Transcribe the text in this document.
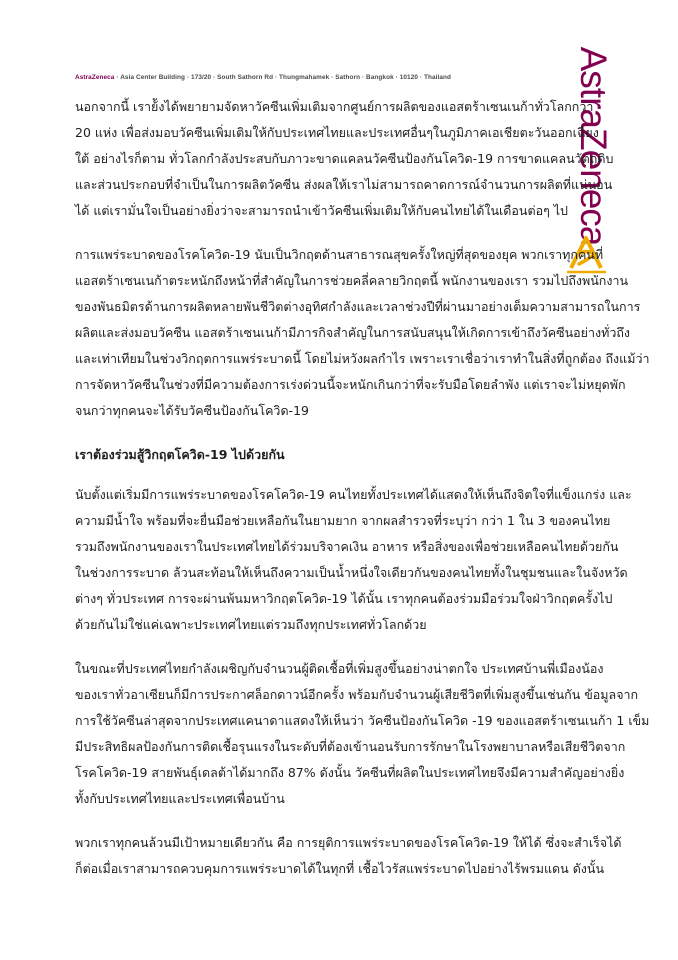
AstraZeneca · Asia Center Building · 173/20 · South Sathorn Rd · Thungmahamek · Sathorn · Bangkok · 10120 · Thailand	AstraZeneca
นอกจากนี้ เราย้ังได้พยายามจัดหาวัคซีนเพิ่มเติมจากศูนย์การผลิตของแอสตร้าเซนเนก้าทั่วโลกกว่า
20 แห่ง เพื่อส่งมอบวัคซีนเพิ่มเติมให้กับประเทศไทยและประเทศอื่นๆในภูมิภาคเอเชียตะวันออกเฉียง
ใต้ อย่างไรก็ตาม ทั่วโลกกำลังประสบกับภาวะขาดแคลนวัคซีนป้องกันโควิด-19 การขาดแคลนวัตถุดิบ
และส่วนประกอบที่จำเป็นในการผลิตวัคซีน ส่งผลให้เราไม่สามารถคาดการณ์จำนวนการผลิตที่แน่นอน
ได้ แต่เรามั่นใจเป็นอย่างยิ่งว่าจะสามารถนำเข้าวัคซีนเพิ่มเติมให้กับคนไทยได้ในเดือนต่อๆ ไป
การแพร่ระบาดของโรคโควิด-19 นับเป็นวิกฤตด้านสาธารณสุขครั้งใหญ่ที่สุดของยุค พวกเราทุกคนที่
แอสตร้าเซนเนก้าตระหนักถึงหน้าที่สำคัญในการช่วยคลี่คลายวิกฤตนี้ พนักงานของเรา รวมไปถึงพนักงาน
ของพันธมิตรด้านการผลิตหลายพันชีวิตต่างอุทิศกำลังและเวลาช่วงปีที่ผ่านมาอย่างเต็มความสามารถในการ
ผลิตและส่งมอบวัคซีน แอสตร้าเซนเนก้ามีภารกิจสำคัญในการสนับสนุนให้เกิดการเข้าถึงวัคซีนอย่างทั่วถึง
และเท่าเทียมในช่วงวิกฤตการแพร่ระบาดนี้ โดยไม่หวังผลกำไร เพราะเราเชื่อว่าเราทำในสิ่งที่ถูกต้อง ถึงแม้ว่า
การจัดหาวัคซีนในช่วงที่มีความต้องการเร่งด่วนนี้จะหนักเกินกว่าที่จะรับมือโดยลำพัง แต่เราจะไม่หยุดพัก
จนกว่าทุกคนจะได้รับวัคซีนป้องกันโควิด-19
เราต้องร่วมสู้วิกฤตโควิด-19 ไปด้วยกัน
นับตั้งแต่เริ่มมีการแพร่ระบาดของโรคโควิด-19 คนไทยทั้งประเทศได้แสดงให้เห็นถึงจิตใจที่แข็งแกร่ง และ
ความมีน้ำใจ พร้อมที่จะยื่นมือช่วยเหลือกันในยามยาก จากผลสำรวจที่ระบุว่า กว่า 1 ใน 3 ของคนไทย
รวมถึงพนักงานของเราในประเทศไทยได้ร่วมบริจาคเงิน อาหาร หรือสิ่งของเพื่อช่วยเหลือคนไทยด้วยกัน
ในช่วงการระบาด ล้วนสะท้อนให้เห็นถึงความเป็นน้ำหนึ่งใจเดียวกันของคนไทยทั้งในชุมชนและในจังหวัด
ต่างๆ ทั่วประเทศ การจะผ่านพ้นมหาวิกฤตโควิด-19 ได้นั้น เราทุกคนต้องร่วมมือร่วมใจฝ่าวิกฤตครั้งไป
ด้วยกันไม่ใช่แค่เฉพาะประเทศไทยแต่รวมถึงทุกประเทศทั่วโลกด้วย
ในขณะที่ประเทศไทยกำลังเผชิญกับจำนวนผู้ติดเชื้อที่เพิ่มสูงขึ้นอย่างน่าตกใจ ประเทศบ้านพี่เมืองน้อง
ของเราทั่วอาเซียนก็มีการประกาศล็อกดาวน์อีกครั้ง พร้อมกับจำนวนผู้เสียชีวิตที่เพิ่มสูงขึ้นเช่นกัน ข้อมูลจาก
การใช้วัคซีนล่าสุดจากประเทศแคนาดาแสดงให้เห็นว่า วัคซีนป้องกันโควิด -19 ของแอสตร้าเซนเนก้า 1 เข็ม
มีประสิทธิผลป้องกันการติดเชื้อรุนแรงในระดับที่ต้องเข้านอนรับการรักษาในโรงพยาบาลหรือเสียชีวิตจาก
โรคโควิด-19 สายพันธุ์เดลต้าได้มากถึง 87% ดังนั้น วัคซีนที่ผลิตในประเทศไทยจึงมีความสำคัญอย่างยิ่ง
ทั้งกับประเทศไทยและประเทศเพื่อนบ้าน
พวกเราทุกคนล้วนมีเป้าหมายเดียวกัน คือ การยุติการแพร่ระบาดของโรคโควิด-19 ให้ได้ ซึ่งจะสำเร็จได้
ก็ต่อเมื่อเราสามารถควบคุมการแพร่ระบาดได้ในทุกที่ เชื้อไวรัสแพร่ระบาดไปอย่างไร้พรมแดน ดังนั้น
